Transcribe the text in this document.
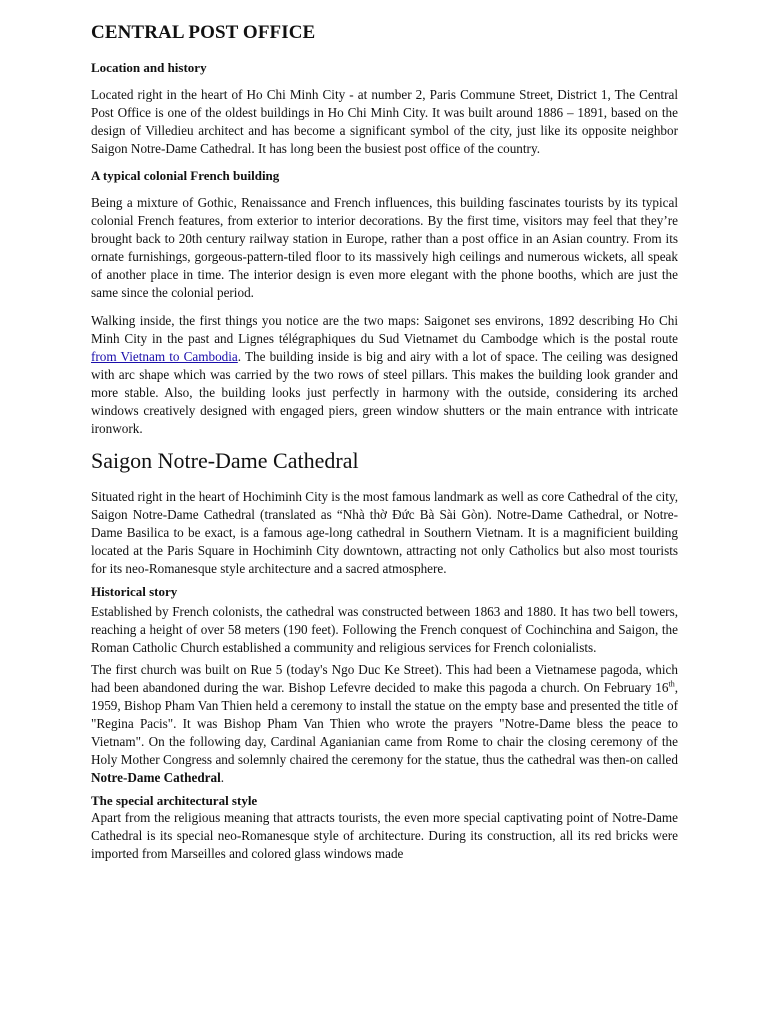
CENTRAL POST OFFICE
Location and history

Located right in the heart of Ho Chi Minh City - at number 2, Paris Commune Street, District 1, The Central Post Office is one of the oldest buildings in Ho Chi Minh City. It was built around 1886 – 1891, based on the design of Villedieu architect and has become a significant symbol of the city, just like its opposite neighbor Saigon Notre-Dame Cathedral. It has long been the busiest post office of the country.

A typical colonial French building

Being a mixture of Gothic, Renaissance and French influences, this building fascinates tourists by its typical colonial French features, from exterior to interior decorations. By the first time, visitors may feel that they’re brought back to 20th century railway station in Europe, rather than a post office in an Asian country. From its ornate furnishings, gorgeous-pattern-tiled floor to its massively high ceilings and numerous wickets, all speak of another place in time. The interior design is even more elegant with the phone booths, which are just the same since the colonial period.

Walking inside, the first things you notice are the two maps: Saigonet ses environs, 1892 describing Ho Chi Minh City in the past and Lignes télégraphiques du Sud Vietnamet du Cambodge which is the postal route from Vietnam to Cambodia. The building inside is big and airy with a lot of space. The ceiling was designed with arc shape which was carried by the two rows of steel pillars. This makes the building look grander and more stable. Also, the building looks just perfectly in harmony with the outside, considering its arched windows creatively designed with engaged piers, green window shutters or the main entrance with intricate ironwork.

Saigon Notre-Dame Cathedral

Situated right in the heart of Hochiminh City is the most famous landmark as well as core Cathedral of the city, Saigon Notre-Dame Cathedral (translated as “Nhà thờ Đức Bà Sài Gòn). Notre-Dame Cathedral, or Notre-Dame Basilica to be exact, is a famous age-long cathedral in Southern Vietnam. It is a magnificient building located at the Paris Square in Hochiminh City downtown, attracting not only Catholics but also most tourists for its neo-Romanesque style architecture and a sacred atmosphere.

Historical story

Established by French colonists, the cathedral was constructed between 1863 and 1880. It has two bell towers, reaching a height of over 58 meters (190 feet). Following the French conquest of Cochinchina and Saigon, the Roman Catholic Church established a community and religious services for French colonialists.

The first church was built on Rue 5 (today's Ngo Duc Ke Street). This had been a Vietnamese pagoda, which had been abandoned during the war. Bishop Lefevre decided to make this pagoda a church. On February 16th, 1959, Bishop Pham Van Thien held a ceremony to install the statue on the empty base and presented the title of "Regina Pacis". It was Bishop Pham Van Thien who wrote the prayers "Notre-Dame bless the peace to Vietnam". On the following day, Cardinal Aganianian came from Rome to chair the closing ceremony of the Holy Mother Congress and solemnly chaired the ceremony for the statue, thus the cathedral was then-on called Notre-Dame Cathedral.

The special architectural style

Apart from the religious meaning that attracts tourists, the even more special captivating point of Notre-Dame Cathedral is its special neo-Romanesque style of architecture. During its construction, all its red bricks were imported from Marseilles and colored glass windows made
